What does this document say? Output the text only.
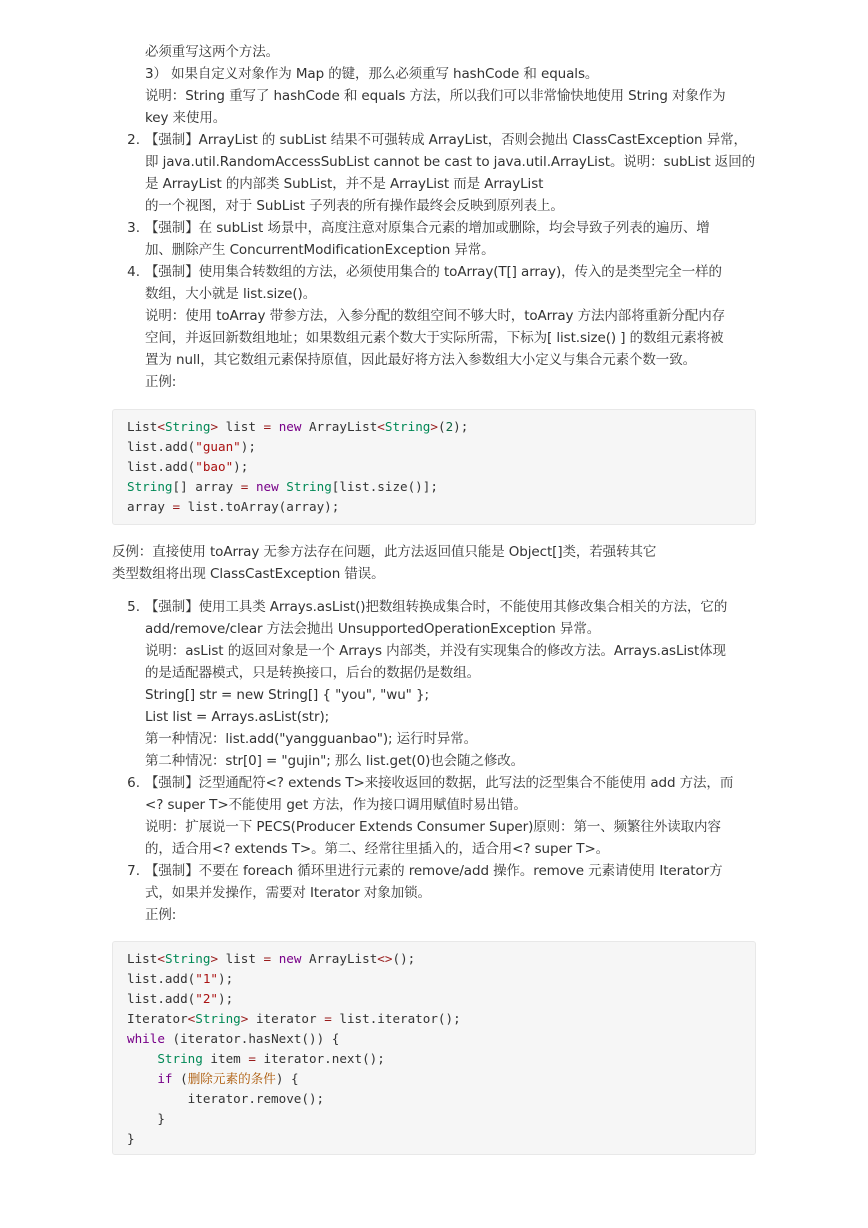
必须重写这两个方法。
3） 如果自定义对象作为 Map 的键，那么必须重写 hashCode 和 equals。
说明：String 重写了 hashCode 和 equals 方法，所以我们可以非常愉快地使用 String 对象作为
key 来使用。
2. 【强制】ArrayList 的 subList 结果不可强转成 ArrayList，否则会抛出 ClassCastException 异常，
即 java.util.RandomAccessSubList cannot be cast to java.util.ArrayList。说明：subList 返回的
是 ArrayList 的内部类 SubList，并不是 ArrayList 而是 ArrayList
的一个视图，对于 SubList 子列表的所有操作最终会反映到原列表上。
3. 【强制】在 subList 场景中，高度注意对原集合元素的增加或删除，均会导致子列表的遍历、增
加、删除产生 ConcurrentModificationException 异常。
4. 【强制】使用集合转数组的方法，必须使用集合的 toArray(T[] array)，传入的是类型完全一样的
数组，大小就是 list.size()。
说明：使用 toArray 带参方法，入参分配的数组空间不够大时，toArray 方法内部将重新分配内存
空间，并返回新数组地址；如果数组元素个数大于实际所需，下标为[ list.size() ] 的数组元素将被
置为 null，其它数组元素保持原值，因此最好将方法入参数组大小定义与集合元素个数一致。
正例:
List<String> list = new ArrayList<String>(2);
list.add("guan");
list.add("bao");
String[] array = new String[list.size()];
array = list.toArray(array);
反例：直接使用 toArray 无参方法存在问题，此方法返回值只能是 Object[]类，若强转其它
类型数组将出现 ClassCastException 错误。
5. 【强制】使用工具类 Arrays.asList()把数组转换成集合时，不能使用其修改集合相关的方法，它的
add/remove/clear 方法会抛出 UnsupportedOperationException 异常。
说明：asList 的返回对象是一个 Arrays 内部类，并没有实现集合的修改方法。Arrays.asList体现
的是适配器模式，只是转换接口，后台的数据仍是数组。
String[] str = new String[] { "you", "wu" };
List list = Arrays.asList(str);
第一种情况：list.add("yangguanbao"); 运行时异常。
第二种情况：str[0] = "gujin"; 那么 list.get(0)也会随之修改。
6. 【强制】泛型通配符<? extends T>来接收返回的数据，此写法的泛型集合不能使用 add 方法，而
<? super T>不能使用 get 方法，作为接口调用赋值时易出错。
说明：扩展说一下 PECS(Producer Extends Consumer Super)原则：第一、频繁往外读取内容
的，适合用<? extends T>。第二、经常往里插入的，适合用<? super T>。
7. 【强制】不要在 foreach 循环里进行元素的 remove/add 操作。remove 元素请使用 Iterator方
式，如果并发操作，需要对 Iterator 对象加锁。
正例:
List<String> list = new ArrayList<>();
list.add("1");
list.add("2");
Iterator<String> iterator = list.iterator();
while (iterator.hasNext()) {
String item = iterator.next();
if (删除元素的条件) {
iterator.remove();
}
}
